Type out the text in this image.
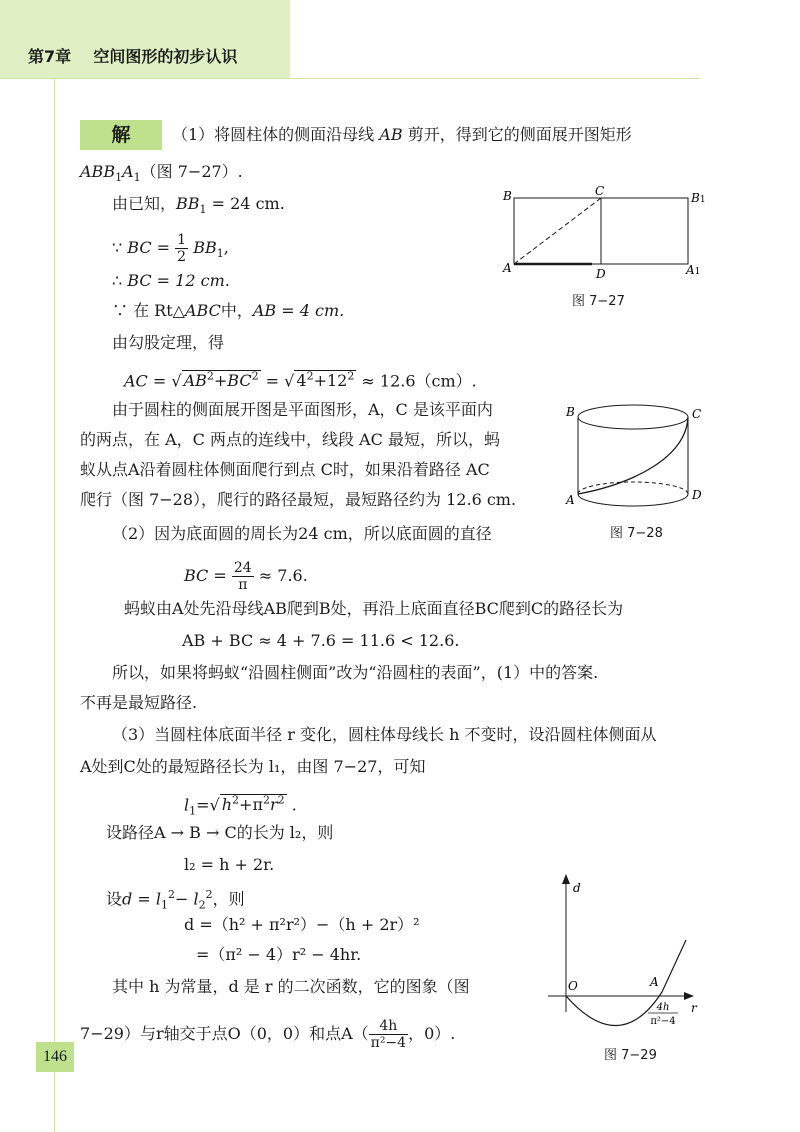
第7章    空间图形的初步认识
解	（1）将圆柱体的侧面沿母线 AB 剪开，得到它的侧面展开图矩形
$ABB_1A_1$（图 7−27）.
由已知，$BB_1 = 24$ cm.
∵ BC = $\frac{1}{2} BB_1$,
∴ BC = 12 cm.
∵ 在 Rt△ABC中，AB = 4 cm.
由勾股定理，得
AC = √ $AB^2+BC^2$ = √ $4^2+12^2 \approx 12.6(cm)$.
由于圆柱的侧面展开图是平面图形，A，C 是该平面内
的两点，在 A，C 两点的连线中，线段 AC 最短，所以，蚂
蚁从点A沿着圆柱体侧面爬行到点 C时，如果沿着路径 AC
爬行（图 7−28），爬行的路径最短，最短路径约为 12.6 cm.
（2）因为底面圆的周长为24 cm，所以底面圆的直径
BC = $\frac{24}{\pi} \approx 7.6$.
蚂蚁由A处先沿母线AB爬到B处，再沿上底面直径BC爬到C的路径长为
AB + BC ≈ 4 + 7.6 = 11.6 < 12.6.
所以，如果将蚂蚁“沿圆柱侧面”改为“沿圆柱的表面”，(1）中的答案.
不再是最短路径.
（3）当圆柱体底面半径 r 变化，圆柱体母线长 h 不变时，设沿圆柱体侧面从
A处到C处的最短路径长为 l₁，由图 7−27，可知
$l_1=√$ $h^2+\pi^2r^2$ .
设路径A → B → C的长为 l₂，则
l₂ = h + 2r.
设$d = l_1^2- l_2^2$，则
d =（h² + π²r²）−（h + 2r）²
=（π² − 4）r² − 4hr.
其中 h 为常量，d 是 r 的二次函数，它的图象（图
7−29）与r轴交于点O（0，0）和点$A( \frac{4h}{\text{π²−4}}$ ，0）.
B	C	B1
A	D	A1
图 7−27
B	C
A	D
图 7−28
d
r
O	A
4h
π²−4
图 7−29
146
